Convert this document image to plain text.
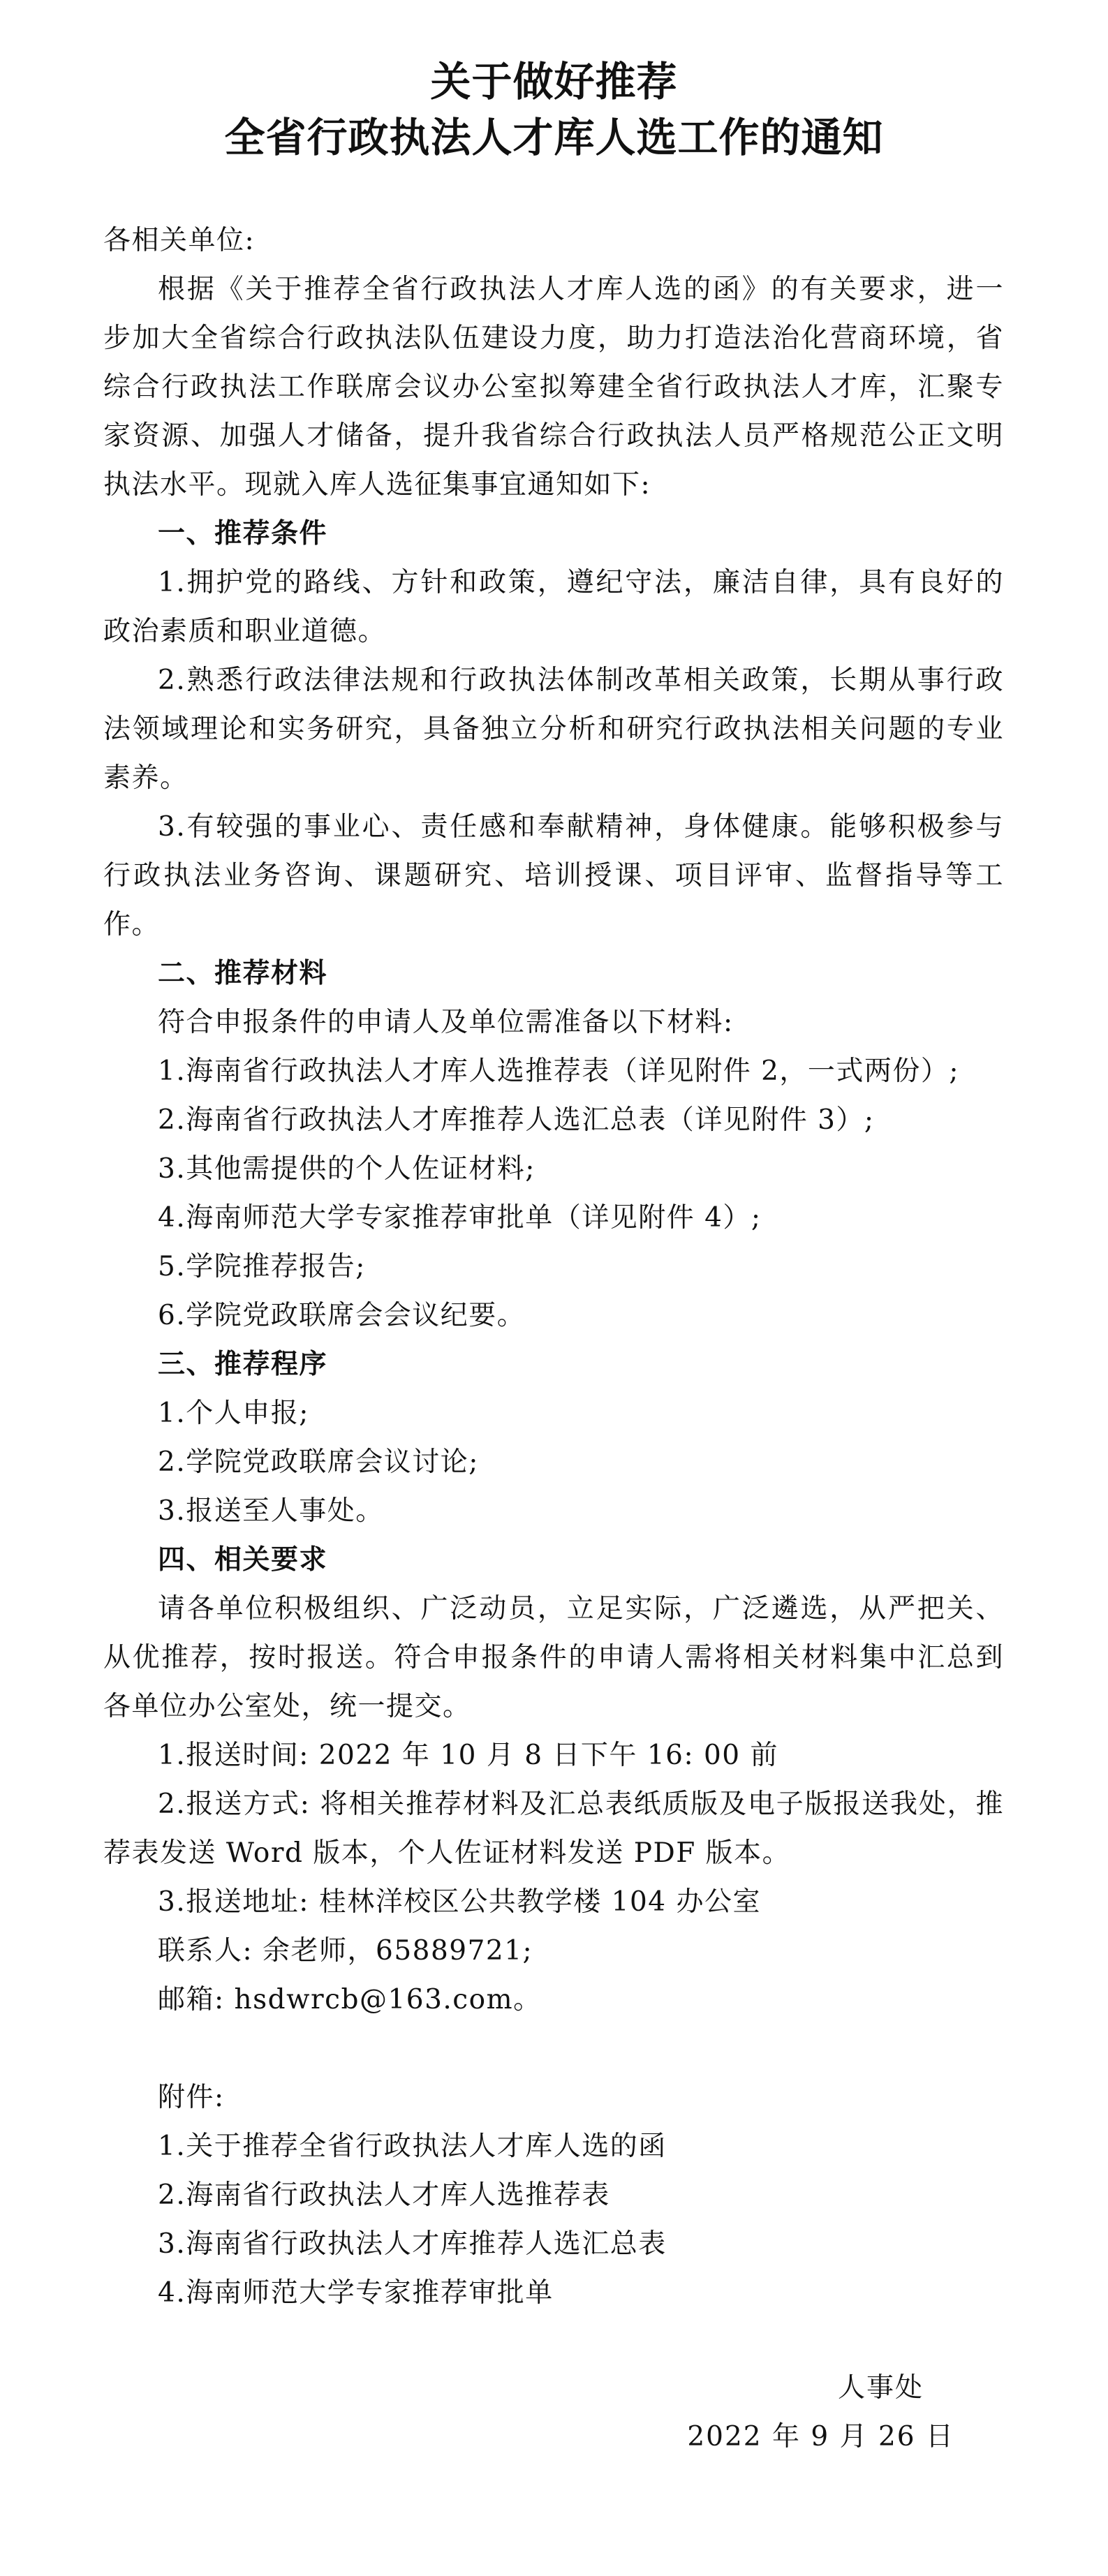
关于做好推荐
全省行政执法人才库人选工作的通知

各相关单位:

根据《关于推荐全省行政执法人才库人选的函》的有关要求，进一步加大全省综合行政执法队伍建设力度，助力打造法治化营商环境，省综合行政执法工作联席会议办公室拟筹建全省行政执法人才库，汇聚专家资源、加强人才储备，提升我省综合行政执法人员严格规范公正文明执法水平。现就入库人选征集事宜通知如下:

一、推荐条件

1.拥护党的路线、方针和政策，遵纪守法，廉洁自律，具有良好的政治素质和职业道德。

2.熟悉行政法律法规和行政执法体制改革相关政策，长期从事行政法领域理论和实务研究，具备独立分析和研究行政执法相关问题的专业素养。

3.有较强的事业心、责任感和奉献精神，身体健康。能够积极参与行政执法业务咨询、课题研究、培训授课、项目评审、监督指导等工作。

二、推荐材料

符合申报条件的申请人及单位需准备以下材料:

1.海南省行政执法人才库人选推荐表（详见附件 2，一式两份）;

2.海南省行政执法人才库推荐人选汇总表（详见附件 3）;

3.其他需提供的个人佐证材料;

4.海南师范大学专家推荐审批单（详见附件 4）;

5.学院推荐报告;

6.学院党政联席会会议纪要。

三、推荐程序

1.个人申报;

2.学院党政联席会议讨论;

3.报送至人事处。

四、相关要求

请各单位积极组织、广泛动员，立足实际，广泛遴选，从严把关、从优推荐，按时报送。符合申报条件的申请人需将相关材料集中汇总到各单位办公室处，统一提交。

1.报送时间: 2022 年 10 月 8 日下午 16: 00 前

2.报送方式: 将相关推荐材料及汇总表纸质版及电子版报送我处，推荐表发送 Word 版本，个人佐证材料发送 PDF 版本。

3.报送地址: 桂林洋校区公共教学楼 104 办公室

联系人: 余老师，65889721;

邮箱: hsdwrcb@163.com。

附件:

1.关于推荐全省行政执法人才库人选的函

2.海南省行政执法人才库人选推荐表

3.海南省行政执法人才库推荐人选汇总表

4.海南师范大学专家推荐审批单

人事处

2022 年 9 月 26 日
